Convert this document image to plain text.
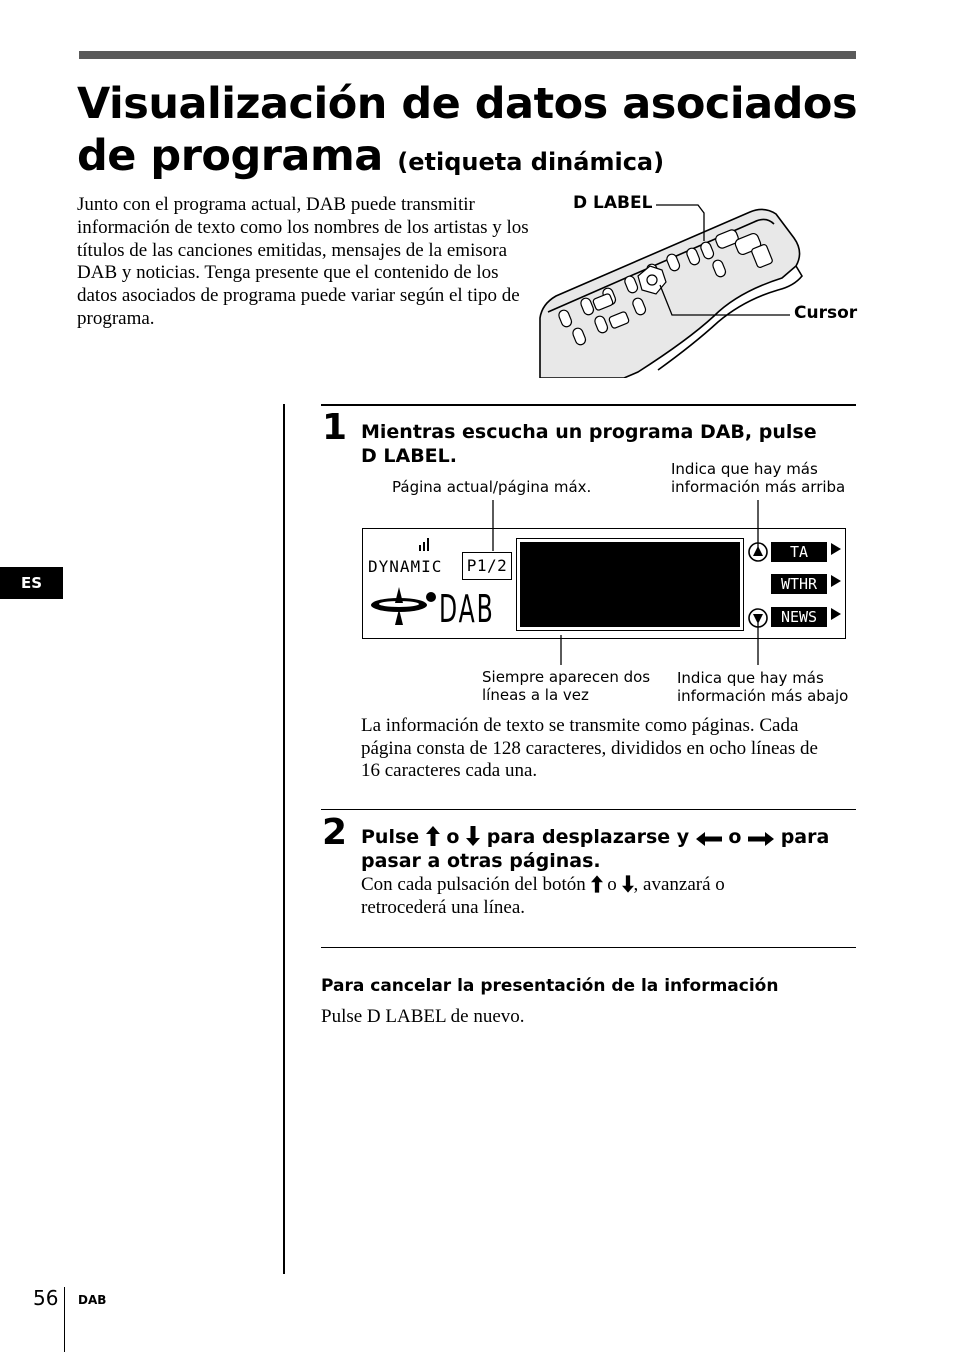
Visualización de datos asociados de programa (etiqueta dinámica)
Junto con el programa actual, DAB puede transmitir información de texto como los nombres de los artistas y los títulos de las canciones emitidas, mensajes de la emisora DAB y noticias. Tenga presente que el contenido de los datos asociados de programa puede variar según el tipo de programa.
D LABEL
Cursor
1 Mientras escucha un programa DAB, pulse D LABEL.
Página actual/página máx.
Indica que hay más
información más arriba
DYNAMIC P1/2
DAB
TA
WTHR
NEWS
Siempre aparecen dos
líneas a la vez
Indica que hay más
información más abajo
La información de texto se transmite como páginas. Cada página consta de 128 caracteres, divididos en ocho líneas de 16 caracteres cada una.
2 Pulse o para desplazarse y o para
pasar a otras páginas.
Con cada pulsación del botón o , avanzará o
retrocederá una línea.
Para cancelar la presentación de la información
Pulse D LABEL de nuevo.
ES
56 DAB
